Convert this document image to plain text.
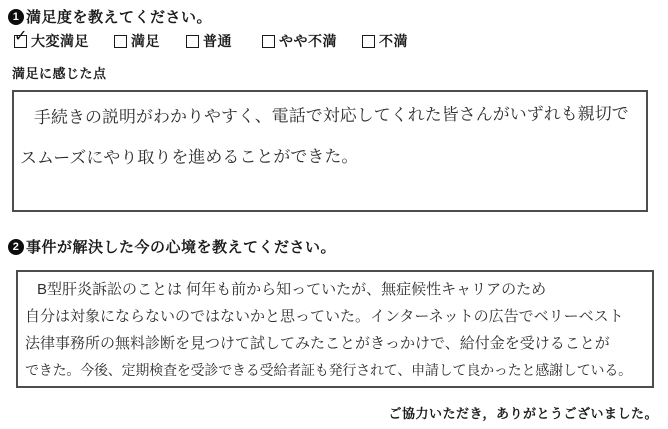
1 満足度を教えてください。
✓ 大変満足	満足	普通	やや不満	不満
満足に感じた点
手続きの説明がわかりやすく、電話で対応してくれた皆さんがいずれも親切で
スムーズにやり取りを進めることができた。
2 事件が解決した今の心境を教えてください。
B型肝炎訴訟のことは 何年も前から知っていたが、無症候性キャリアのため
自分は対象にならないのではないかと思っていた。インターネットの広告でベリーベスト
法律事務所の無料診断を見つけて試してみたことがきっかけで、給付金を受けることが
できた。今後、定期検査を受診できる受給者証も発行されて、申請して良かったと感謝している。
ご協力いただき，ありがとうございました。
